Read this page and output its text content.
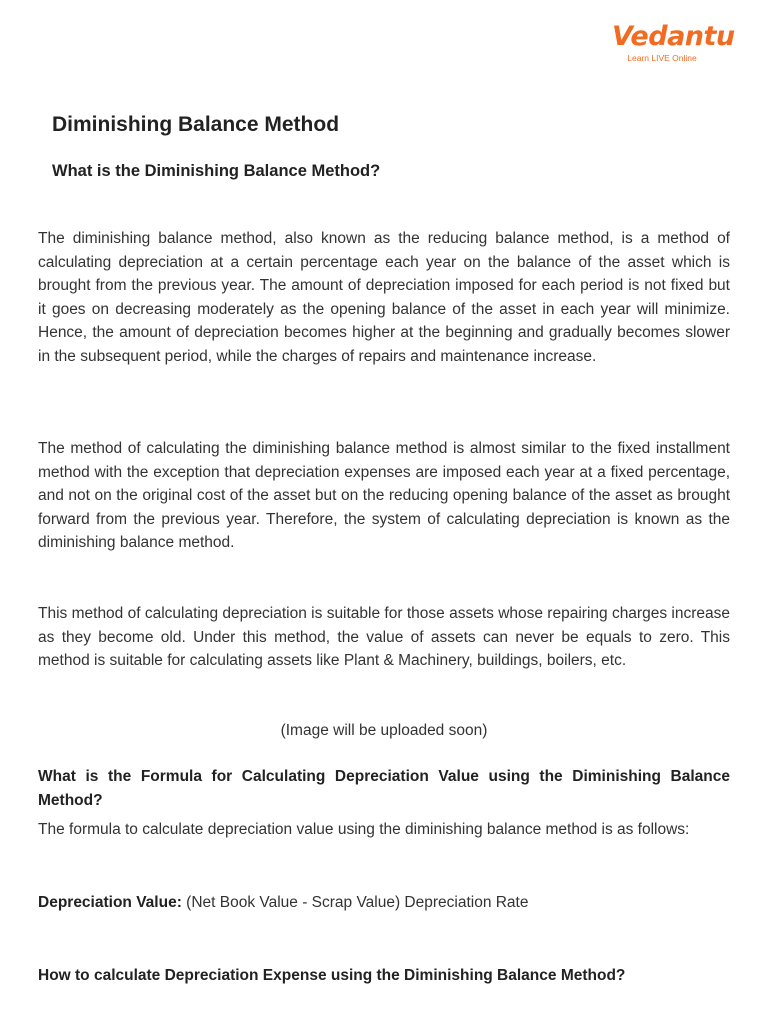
Vedantu
Learn LIVE Online
Diminishing Balance Method
What is the Diminishing Balance Method?

The diminishing balance method, also known as the reducing balance method, is a method of calculating depreciation at a certain percentage each year on the balance of the asset which is brought from the previous year. The amount of depreciation imposed for each period is not fixed but it goes on decreasing moderately as the opening balance of the asset in each year will minimize. Hence, the amount of depreciation becomes higher at the beginning and gradually becomes slower in the subsequent period, while the charges of repairs and maintenance increase.

The method of calculating the diminishing balance method is almost similar to the fixed installment method with the exception that depreciation expenses are imposed each year at a fixed percentage, and not on the original cost of the asset but on the reducing opening balance of the asset as brought forward from the previous year. Therefore, the system of calculating depreciation is known as the diminishing balance method.

This method of calculating depreciation is suitable for those assets whose repairing charges increase as they become old. Under this method, the value of assets can never be equals to zero. This method is suitable for calculating assets like Plant & Machinery, buildings, boilers, etc.

(Image will be uploaded soon)

What is the Formula for Calculating Depreciation Value using the Diminishing Balance Method?

The formula to calculate depreciation value using the diminishing balance method is as follows:

Depreciation Value: (Net Book Value - Scrap Value) Depreciation Rate

How to calculate Depreciation Expense using the Diminishing Balance Method?
